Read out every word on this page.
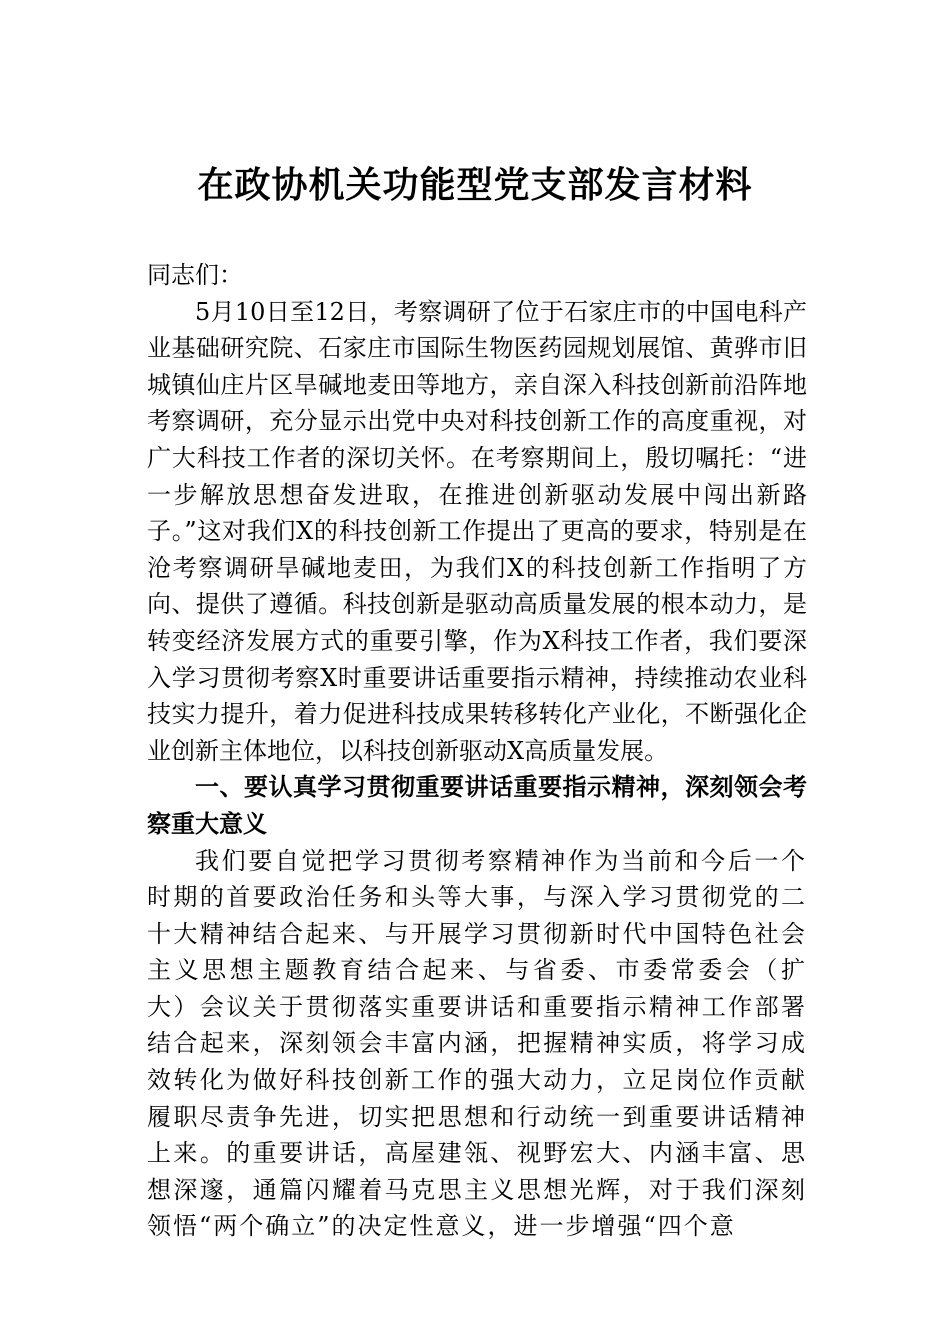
在政协机关功能型党支部发言材料

同志们：

5月10日至12日，考察调研了位于石家庄市的中国电科产业基础研究院、石家庄市国际生物医药园规划展馆、黄骅市旧城镇仙庄片区旱碱地麦田等地方，亲自深入科技创新前沿阵地考察调研，充分显示出党中央对科技创新工作的高度重视，对广大科技工作者的深切关怀。在考察期间上，殷切嘱托：“进一步解放思想奋发进取，在推进创新驱动发展中闯出新路子。”这对我们X的科技创新工作提出了更高的要求，特别是在沧考察调研旱碱地麦田，为我们X的科技创新工作指明了方向、提供了遵循。科技创新是驱动高质量发展的根本动力，是转变经济发展方式的重要引擎，作为X科技工作者，我们要深入学习贯彻考察X时重要讲话重要指示精神，持续推动农业科技实力提升，着力促进科技成果转移转化产业化，不断强化企业创新主体地位，以科技创新驱动X高质量发展。

一、要认真学习贯彻重要讲话重要指示精神，深刻领会考察重大意义

我们要自觉把学习贯彻考察精神作为当前和今后一个时期的首要政治任务和头等大事，与深入学习贯彻党的二十大精神结合起来、与开展学习贯彻新时代中国特色社会主义思想主题教育结合起来、与省委、市委常委会（扩大）会议关于贯彻落实重要讲话和重要指示精神工作部署结合起来，深刻领会丰富内涵，把握精神实质，将学习成效转化为做好科技创新工作的强大动力，立足岗位作贡献履职尽责争先进，切实把思想和行动统一到重要讲话精神上来。的重要讲话，高屋建瓴、视野宏大、内涵丰富、思想深邃，通篇闪耀着马克思主义思想光辉，对于我们深刻领悟“两个确立”的决定性意义，进一步增强“四个意
